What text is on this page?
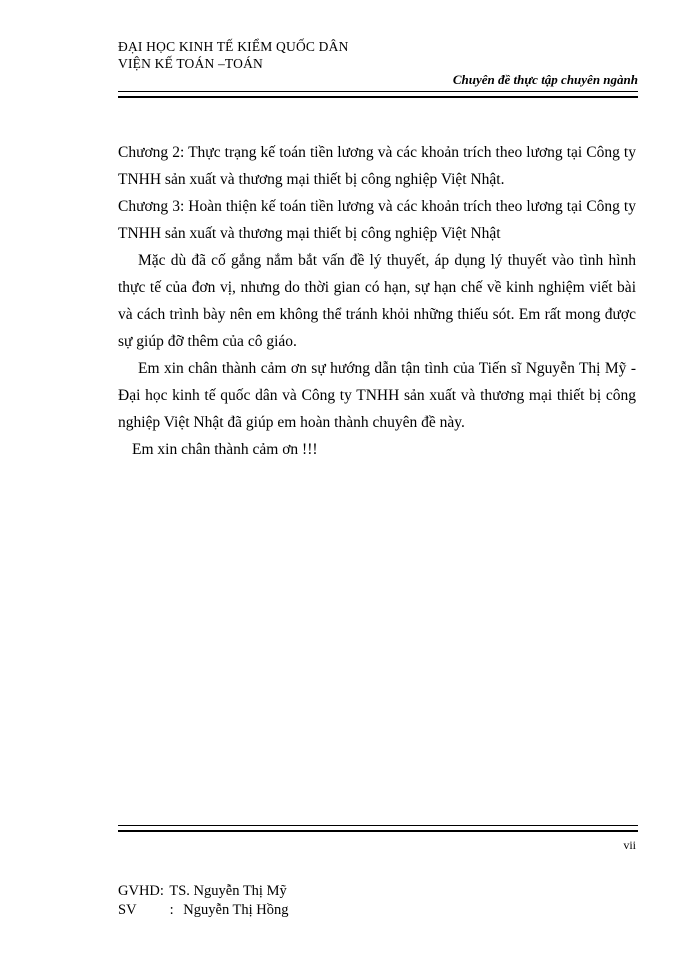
ĐẠI HỌC KINH TẾ KIỂM QUỐC DÂN
VIỆN KẾ TOÁN –TOÁN
Chuyên đề thực tập chuyên ngành

Chương 2: Thực trạng kế toán tiền lương và các khoản trích theo lương tại Công ty TNHH sản xuất và thương mại thiết bị công nghiệp Việt Nhật.

Chương 3: Hoàn thiện kế toán tiền lương và các khoản trích theo lương tại Công ty TNHH sản xuất và thương mại thiết bị công nghiệp Việt Nhật

Mặc dù đã cố gắng nắm bắt vấn đề lý thuyết, áp dụng lý thuyết vào tình hình thực tế của đơn vị, nhưng do thời gian có hạn, sự hạn chế về kinh nghiệm viết bài và cách trình bày nên em không thể tránh khỏi những thiếu sót. Em rất mong được sự giúp đỡ thêm của cô giáo.

Em xin chân thành cảm ơn sự hướng dẫn tận tình của Tiến sĩ Nguyễn Thị Mỹ - Đại học kinh tế quốc dân và Công ty TNHH sản xuất và thương mại thiết bị công nghiệp Việt Nhật đã giúp em hoàn thành chuyên đề này.

Em xin chân thành cảm ơn !!!

vii
GVHD: TS. Nguyễn Thị Mỹ
SV : Nguyễn Thị Hồng
